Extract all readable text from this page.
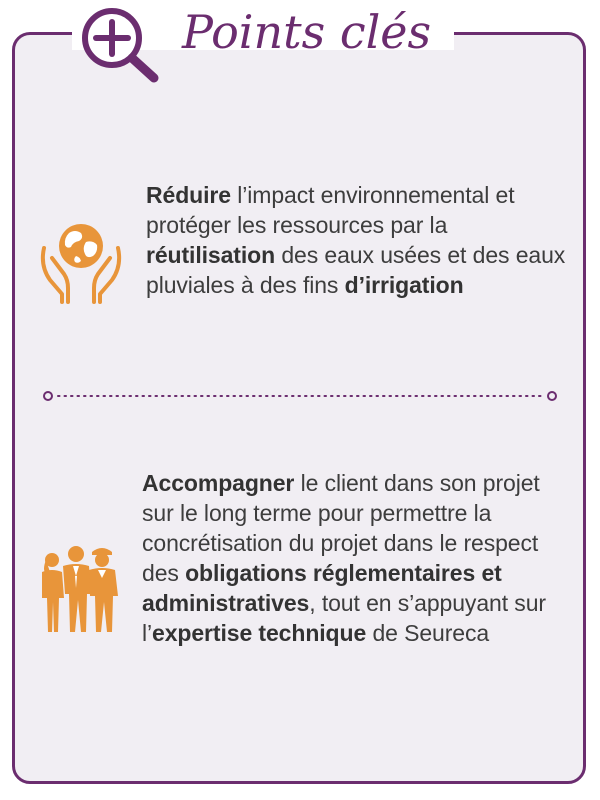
Points clés

Réduire l’impact environnemental et protéger les ressources par la réutilisation des eaux usées et des eaux pluviales à des fins d’irrigation

Accompagner le client dans son projet sur le long terme pour permettre la concrétisation du projet dans le respect des obligations réglementaires et administratives, tout en s’appuyant sur l’expertise technique de Seureca
